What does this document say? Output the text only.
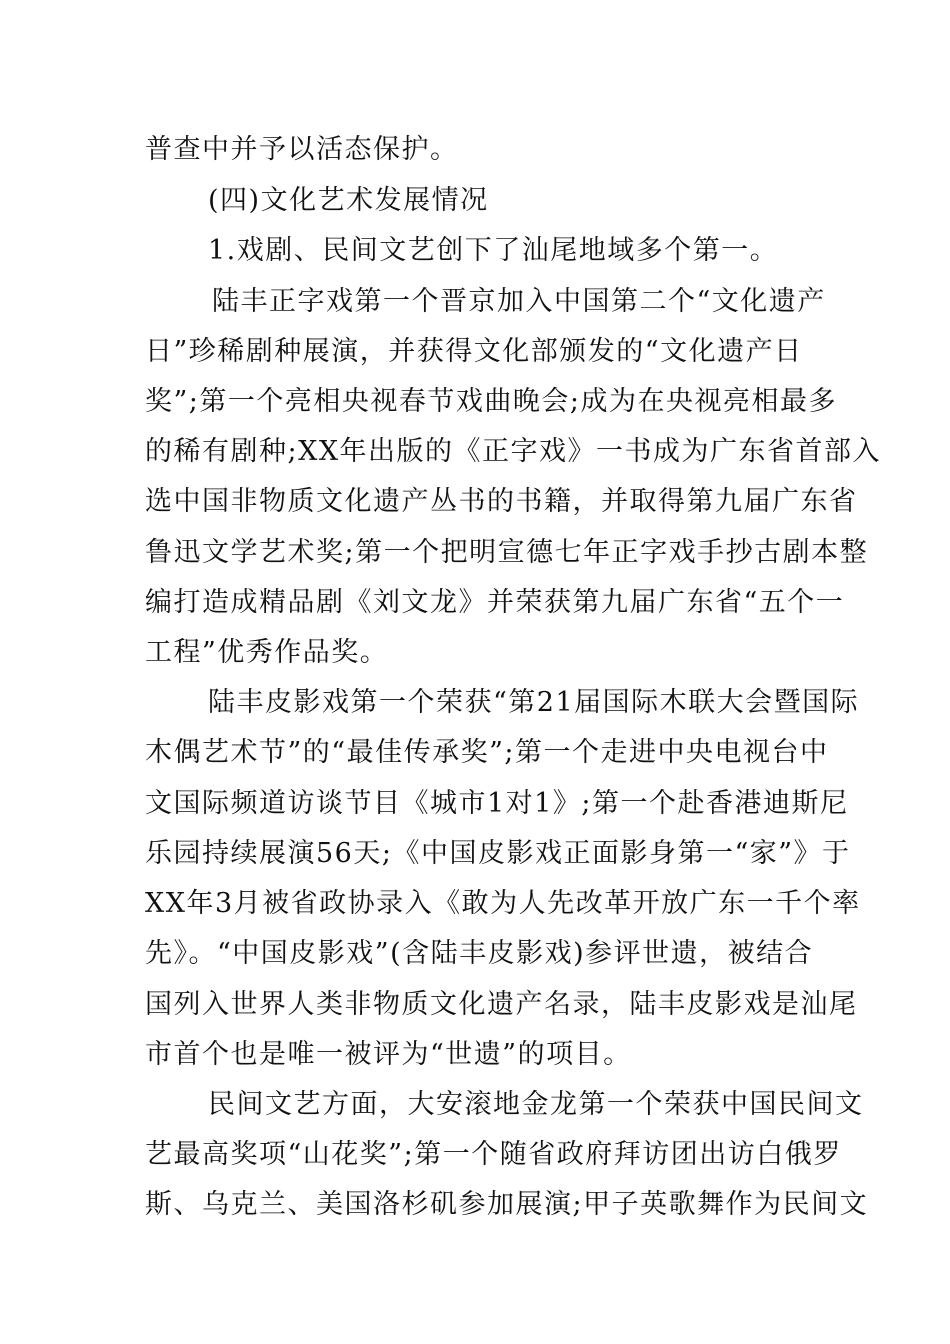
普查中并予以活态保护。
(四)文化艺术发展情况
1.戏剧、民间文艺创下了汕尾地域多个第一。
陆丰正字戏第一个晋京加入中国第二个“文化遗产
日”珍稀剧种展演，并获得文化部颁发的“文化遗产日
奖”;第一个亮相央视春节戏曲晚会;成为在央视亮相最多
的稀有剧种;XX年出版的《正字戏》一书成为广东省首部入
选中国非物质文化遗产丛书的书籍，并取得第九届广东省
鲁迅文学艺术奖;第一个把明宣德七年正字戏手抄古剧本整
编打造成精品剧《刘文龙》并荣获第九届广东省“五个一
工程”优秀作品奖。
陆丰皮影戏第一个荣获“第21届国际木联大会暨国际
木偶艺术节”的“最佳传承奖”;第一个走进中央电视台中
文国际频道访谈节目《城市1对1》;第一个赴香港迪斯尼
乐园持续展演56天;《中国皮影戏正面影身第一“家”》于
XX年3月被省政协录入《敢为人先改革开放广东一千个率
先》。“中国皮影戏”(含陆丰皮影戏)参评世遗，被结合
国列入世界人类非物质文化遗产名录，陆丰皮影戏是汕尾
市首个也是唯一被评为“世遗”的项目。
民间文艺方面，大安滚地金龙第一个荣获中国民间文
艺最高奖项“山花奖”;第一个随省政府拜访团出访白俄罗
斯、乌克兰、美国洛杉矶参加展演;甲子英歌舞作为民间文
